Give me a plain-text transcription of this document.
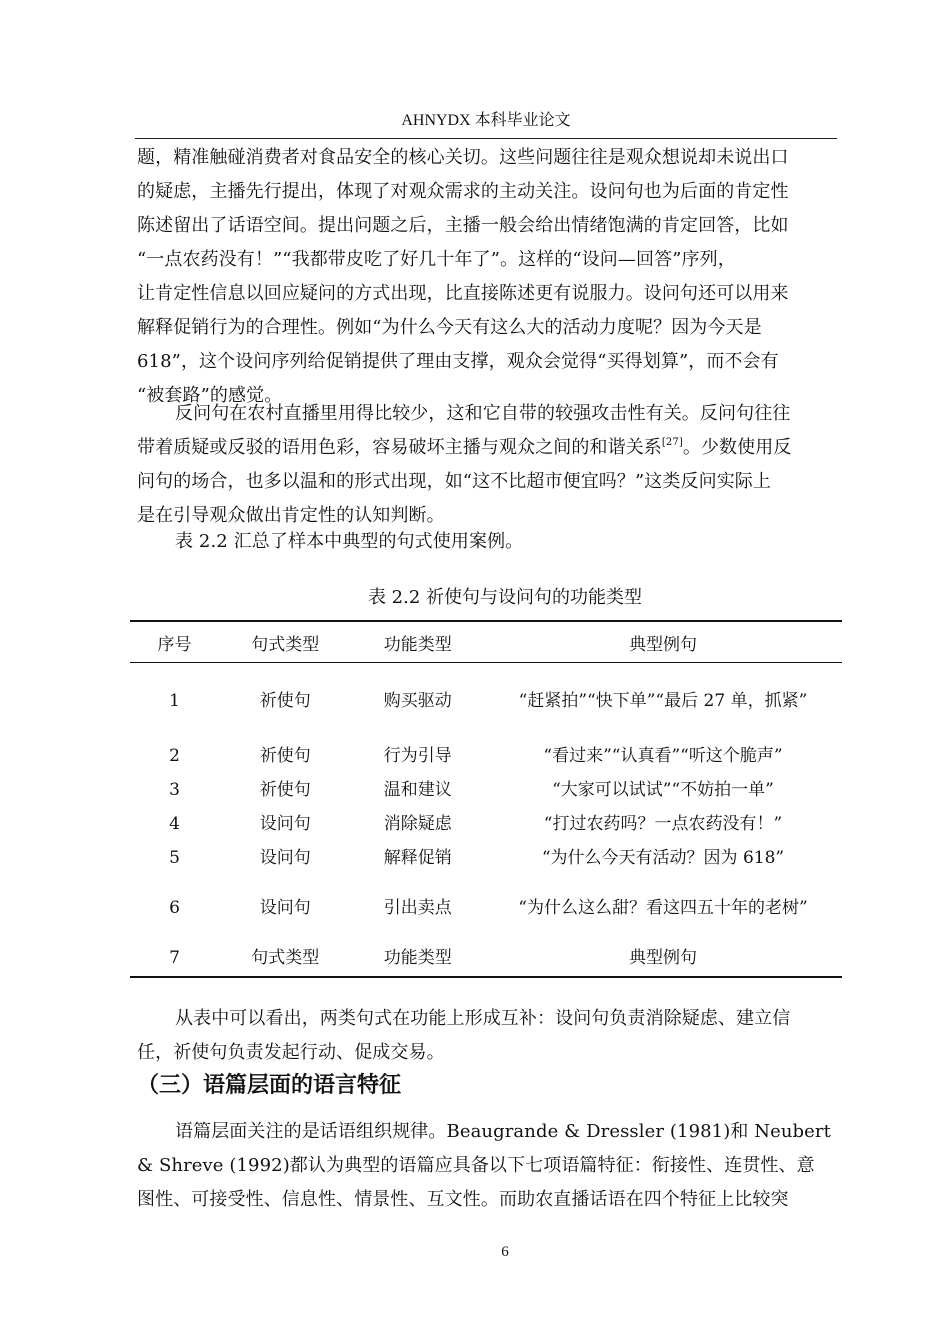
AHNYDX 本科毕业论文
题，精准触碰消费者对食品安全的核心关切。这些问题往往是观众想说却未说出口
的疑虑，主播先行提出，体现了对观众需求的主动关注。设问句也为后面的肯定性
陈述留出了话语空间。提出问题之后，主播一般会给出情绪饱满的肯定回答，比如
“一点农药没有！”“我都带皮吃了好几十年了”。这样的“设问—回答”序列，
让肯定性信息以回应疑问的方式出现，比直接陈述更有说服力。设问句还可以用来
解释促销行为的合理性。例如“为什么今天有这么大的活动力度呢？因为今天是
618”，这个设问序列给促销提供了理由支撑，观众会觉得“买得划算”，而不会有
“被套路”的感觉。
反问句在农村直播里用得比较少，这和它自带的较强攻击性有关。反问句往往
带着质疑或反驳的语用色彩，容易破坏主播与观众之间的和谐关系[27]。少数使用反
问句的场合，也多以温和的形式出现，如“这不比超市便宜吗？”这类反问实际上
是在引导观众做出肯定性的认知判断。
表 2.2 汇总了样本中典型的句式使用案例。
表 2.2 祈使句与设问句的功能类型
序号	句式类型	功能类型	典型例句
1	祈使句	购买驱动	“赶紧拍”“快下单”“最后 27 单，抓紧”
2	祈使句	行为引导	“看过来”“认真看”“听这个脆声”
3	祈使句	温和建议	“大家可以试试”“不妨拍一单”
4	设问句	消除疑虑	“打过农药吗？一点农药没有！”
5	设问句	解释促销	“为什么今天有活动？因为 618”
6	设问句	引出卖点	“为什么这么甜？看这四五十年的老树”
7	句式类型	功能类型	典型例句
从表中可以看出，两类句式在功能上形成互补：设问句负责消除疑虑、建立信
任，祈使句负责发起行动、促成交易。
（三）语篇层面的语言特征
语篇层面关注的是话语组织规律。Beaugrande & Dressler (1981)和 Neubert
& Shreve (1992)都认为典型的语篇应具备以下七项语篇特征：衔接性、连贯性、意
图性、可接受性、信息性、情景性、互文性。而助农直播话语在四个特征上比较突
6
